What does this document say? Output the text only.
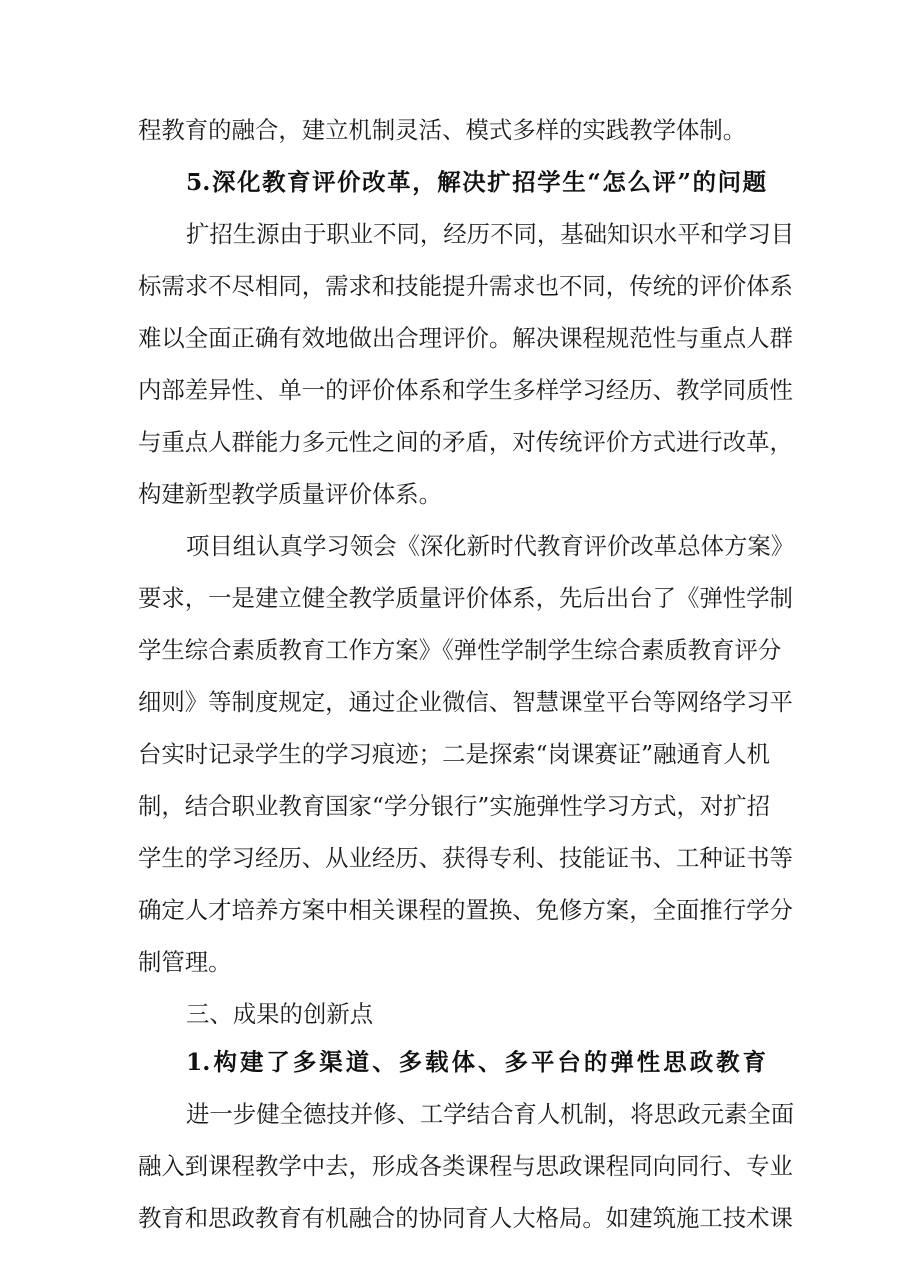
程教育的融合，建立机制灵活、模式多样的实践教学体制。
5.深化教育评价改革，解决扩招学生“怎么评”的问题
扩招生源由于职业不同，经历不同，基础知识水平和学习目
标需求不尽相同，需求和技能提升需求也不同，传统的评价体系
难以全面正确有效地做出合理评价。解决课程规范性与重点人群
内部差异性、单一的评价体系和学生多样学习经历、教学同质性
与重点人群能力多元性之间的矛盾，对传统评价方式进行改革，
构建新型教学质量评价体系。
项目组认真学习领会《深化新时代教育评价改革总体方案》
要求，一是建立健全教学质量评价体系，先后出台了《弹性学制
学生综合素质教育工作方案》《弹性学制学生综合素质教育评分
细则》等制度规定，通过企业微信、智慧课堂平台等网络学习平
台实时记录学生的学习痕迹；二是探索“岗课赛证”融通育人机
制，结合职业教育国家“学分银行”实施弹性学习方式，对扩招
学生的学习经历、从业经历、获得专利、技能证书、工种证书等
确定人才培养方案中相关课程的置换、免修方案，全面推行学分
制管理。
三、成果的创新点
1.构建了多渠道、多载体、多平台的弹性思政教育
进一步健全德技并修、工学结合育人机制，将思政元素全面
融入到课程教学中去，形成各类课程与思政课程同向同行、专业
教育和思政教育有机融合的协同育人大格局。如建筑施工技术课
